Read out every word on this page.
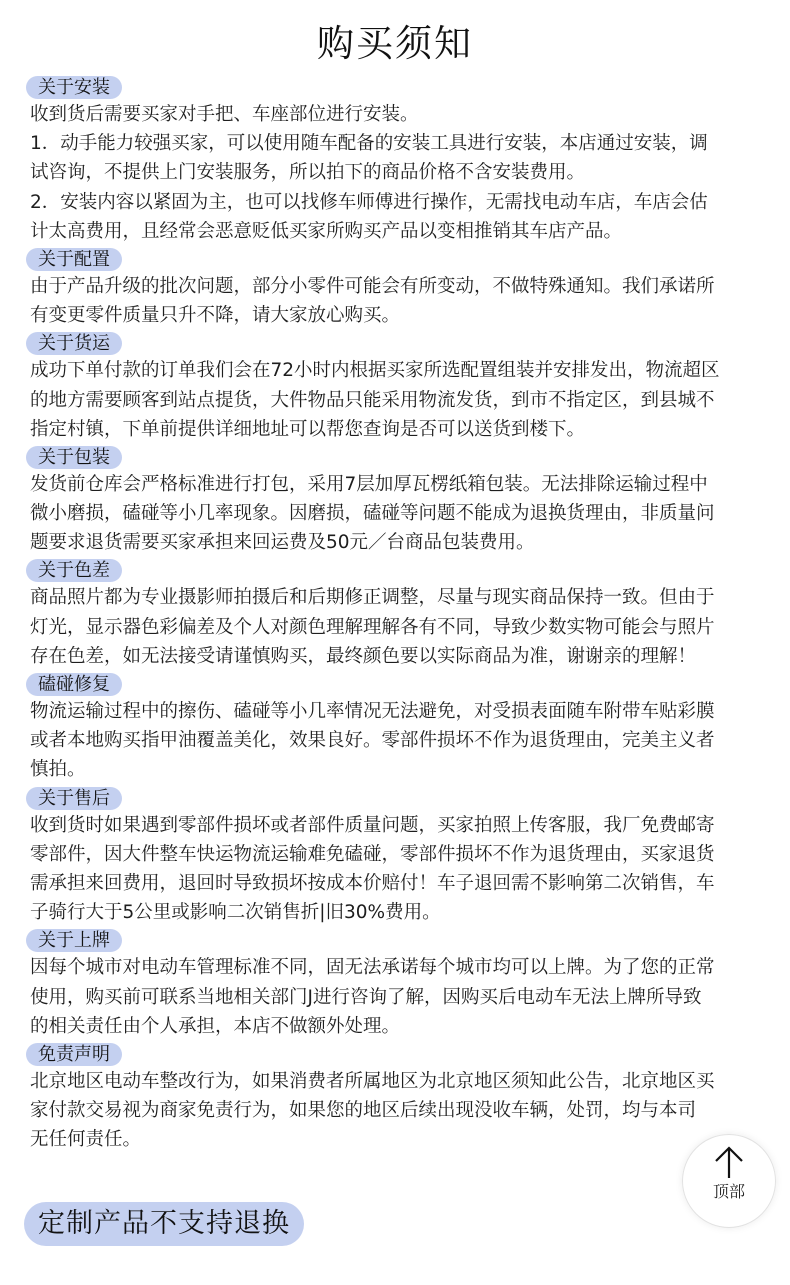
购买须知
关于安装
收到货后需要买家对手把、车座部位进行安装。
1．动手能力较强买家，可以使用随车配备的安装工具进行安装，本店通过安装，调
试咨询，不提供上门安装服务，所以拍下的商品价格不含安装费用。
2．安装内容以紧固为主，也可以找修车师傅进行操作，无需找电动车店，车店会估
计太高费用，且经常会恶意贬低买家所购买产品以变相推销其车店产品。
关于配置
由于产品升级的批次问题，部分小零件可能会有所变动，不做特殊通知。我们承诺所
有变更零件质量只升不降，请大家放心购买。
关于货运
成功下单付款的订单我们会在72小时内根据买家所选配置组装并安排发出，物流超区
的地方需要顾客到站点提货，大件物品只能采用物流发货，到市不指定区，到县城不
指定村镇，下单前提供详细地址可以帮您查询是否可以送货到楼下。
关于包装
发货前仓库会严格标准进行打包，采用7层加厚瓦楞纸箱包装。无法排除运输过程中
微小磨损，磕碰等小几率现象。因磨损，磕碰等问题不能成为退换货理由，非质量问
题要求退货需要买家承担来回运费及50元／台商品包装费用。
关于色差
商品照片都为专业摄影师拍摄后和后期修正调整，尽量与现实商品保持一致。但由于
灯光，显示器色彩偏差及个人对颜色理解理解各有不同，导致少数实物可能会与照片
存在色差，如无法接受请谨慎购买，最终颜色要以实际商品为准，谢谢亲的理解！
磕碰修复
物流运输过程中的擦伤、磕碰等小几率情况无法避免，对受损表面随车附带车贴彩膜
或者本地购买指甲油覆盖美化，效果良好。零部件损坏不作为退货理由，完美主义者
慎拍。
关于售后
收到货时如果遇到零部件损坏或者部件质量问题，买家拍照上传客服，我厂免费邮寄
零部件，因大件整车快运物流运输难免磕碰，零部件损坏不作为退货理由，买家退货
需承担来回费用，退回时导致损坏按成本价赔付！车子退回需不影响第二次销售，车
子骑行大于5公里或影响二次销售折|旧30%费用。
关于上牌
因每个城市对电动车管理标准不同，固无法承诺每个城市均可以上牌。为了您的正常
使用，购买前可联系当地相关部门J进行咨询了解，因购买后电动车无法上牌所导致
的相关责任由个人承担，本店不做额外处理。
免责声明
北京地区电动车整改行为，如果消费者所属地区为北京地区须知此公告，北京地区买
家付款交易视为商家免责行为，如果您的地区后续出现没收车辆，处罚，均与本司
无任何责任。
定制产品不支持退换
顶部
